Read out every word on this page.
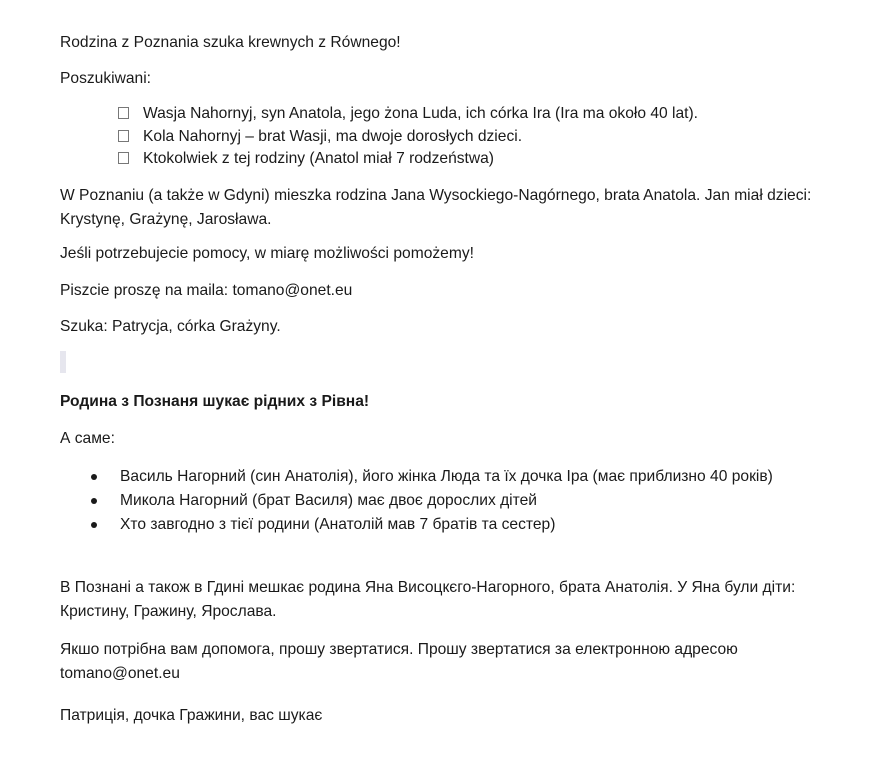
Rodzina z Poznania szuka krewnych z Równego!

Poszukiwani:

Wasja Nahornyj, syn Anatola, jego żona Luda, ich córka Ira (Ira ma około 40 lat).
Kola Nahornyj – brat Wasji, ma dwoje dorosłych dzieci.
Ktokolwiek z tej rodziny (Anatol miał 7 rodzeństwa)

W Poznaniu (a także w Gdyni) mieszka rodzina Jana Wysockiego-Nagórnego, brata Anatola. Jan miał dzieci: Krystynę, Grażynę, Jarosława.

Jeśli potrzebujecie pomocy, w miarę możliwości pomożemy!

Piszcie proszę na maila: tomano@onet.eu

Szuka: Patrycja, córka Grażyny.

Родина з Познаня шукає рідних з Рівна!

А саме:

Василь Нагорний (син Анатолія), його жінка Люда та їх дочка Іра (має приблизно 40 років)
Микола Нагорний (брат Василя) має двоє дорослих дітей
Хто завгодно з тієї родини (Анатолій мав 7 братів та сестер)

В Познані а також в Гдині мешкає родина Яна Висоцкєго-Нагорного, брата Анатолія. У Яна були діти: Кристину, Гражину, Ярослава.

Якшо потрібна вам допомога, прошу звертатися. Прошу звертатися за електронною адресою tomano@onet.eu

Патриція, дочка Гражини, вас шукає
